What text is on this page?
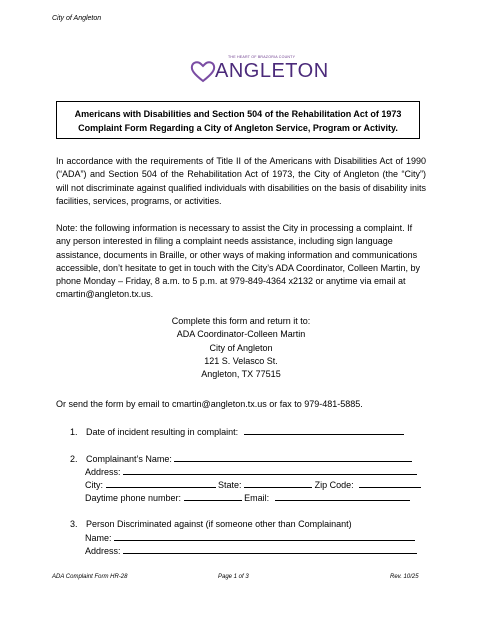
City of Angleton
THE HEART OF BRAZORIA COUNTY
ANGLETON
Americans with Disabilities and Section 504 of the Rehabilitation Act of 1973
Complaint Form Regarding a City of Angleton Service, Program or Activity.
In accordance with the requirements of Title II of the Americans with Disabilities Act of 1990 (“ADA”) and Section 504 of the Rehabilitation Act of 1973, the City of Angleton (the “City”) will not discriminate against qualified individuals with disabilities on the basis of disability inits facilities, services, programs, or activities.
Note: the following information is necessary to assist the City in processing a complaint. If any person interested in filing a complaint needs assistance, including sign language assistance, documents in Braille, or other ways of making information and communications accessible, don’t hesitate to get in touch with the City’s ADA Coordinator, Colleen Martin, by phone Monday – Friday, 8 a.m. to 5 p.m. at 979-849-4364 x2132 or anytime via email at cmartin@angleton.tx.us.
Complete this form and return it to:
ADA Coordinator-Colleen Martin
City of Angleton
121 S. Velasco St.
Angleton, TX 77515
Or send the form by email to cmartin@angleton.tx.us or fax to 979-481-5885.
1. Date of incident resulting in complaint:
2. Complainant’s Name:
Address:
City:	State:	Zip Code:
Daytime phone number:	Email:
3. Person Discriminated against (if someone other than Complainant)
Name:
Address:
ADA Complaint Form HR-28	Page 1 of 3	Rev. 10/25
